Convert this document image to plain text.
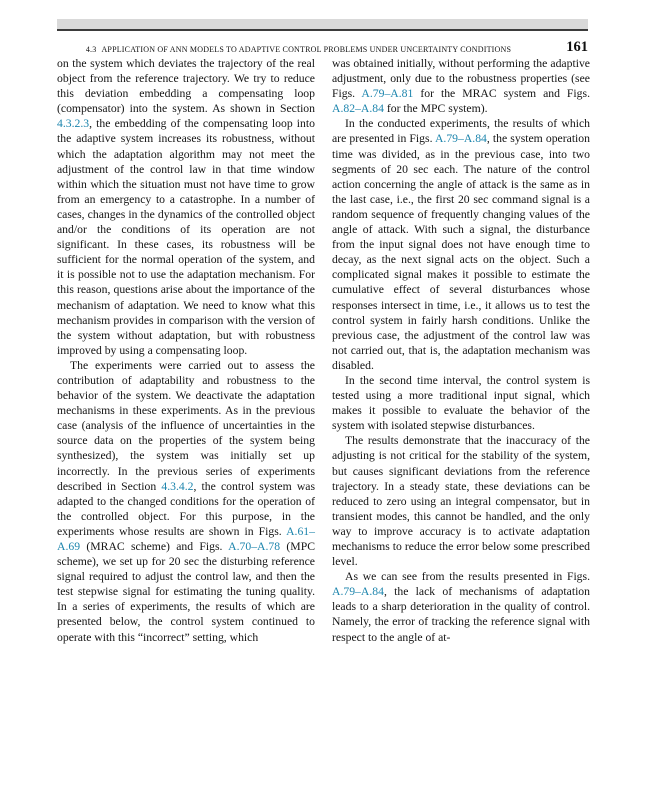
4.3 APPLICATION OF ANN MODELS TO ADAPTIVE CONTROL PROBLEMS UNDER UNCERTAINTY CONDITIONS	161

on the system which deviates the trajectory of the real object from the reference trajectory. We try to reduce this deviation embedding a compensating loop (compensator) into the system. As shown in Section 4.3.2.3, the embedding of the compensating loop into the adaptive system increases its robustness, without which the adaptation algorithm may not meet the adjustment of the control law in that time window within which the situation must not have time to grow from an emergency to a catastrophe. In a number of cases, changes in the dynamics of the controlled object and/or the conditions of its operation are not significant. In these cases, its robustness will be sufficient for the normal operation of the system, and it is possible not to use the adaptation mechanism. For this reason, questions arise about the importance of the mechanism of adaptation. We need to know what this mechanism provides in comparison with the version of the system without adaptation, but with robustness improved by using a compensating loop.

The experiments were carried out to assess the contribution of adaptability and robustness to the behavior of the system. We deactivate the adaptation mechanisms in these experiments. As in the previous case (analysis of the influence of uncertainties in the source data on the properties of the system being synthesized), the system was initially set up incorrectly. In the previous series of experiments described in Section 4.3.4.2, the control system was adapted to the changed conditions for the operation of the controlled object. For this purpose, in the experiments whose results are shown in Figs. A.61–A.69 (MRAC scheme) and Figs. A.70–A.78 (MPC scheme), we set up for 20 sec the disturbing reference signal required to adjust the control law, and then the test stepwise signal for estimating the tuning quality. In a series of experiments, the results of which are presented below, the control system continued to operate with this “incorrect” setting, which

was obtained initially, without performing the adaptive adjustment, only due to the robustness properties (see Figs. A.79–A.81 for the MRAC system and Figs. A.82–A.84 for the MPC system).

In the conducted experiments, the results of which are presented in Figs. A.79–A.84, the system operation time was divided, as in the previous case, into two segments of 20 sec each. The nature of the control action concerning the angle of attack is the same as in the last case, i.e., the first 20 sec command signal is a random sequence of frequently changing values of the angle of attack. With such a signal, the disturbance from the input signal does not have enough time to decay, as the next signal acts on the object. Such a complicated signal makes it possible to estimate the cumulative effect of several disturbances whose responses intersect in time, i.e., it allows us to test the control system in fairly harsh conditions. Unlike the previous case, the adjustment of the control law was not carried out, that is, the adaptation mechanism was disabled.

In the second time interval, the control system is tested using a more traditional input signal, which makes it possible to evaluate the behavior of the system with isolated stepwise disturbances.

The results demonstrate that the inaccuracy of the adjusting is not critical for the stability of the system, but causes significant deviations from the reference trajectory. In a steady state, these deviations can be reduced to zero using an integral compensator, but in transient modes, this cannot be handled, and the only way to improve accuracy is to activate adaptation mechanisms to reduce the error below some prescribed level.

As we can see from the results presented in Figs. A.79–A.84, the lack of mechanisms of adaptation leads to a sharp deterioration in the quality of control. Namely, the error of tracking the reference signal with respect to the angle of at-
